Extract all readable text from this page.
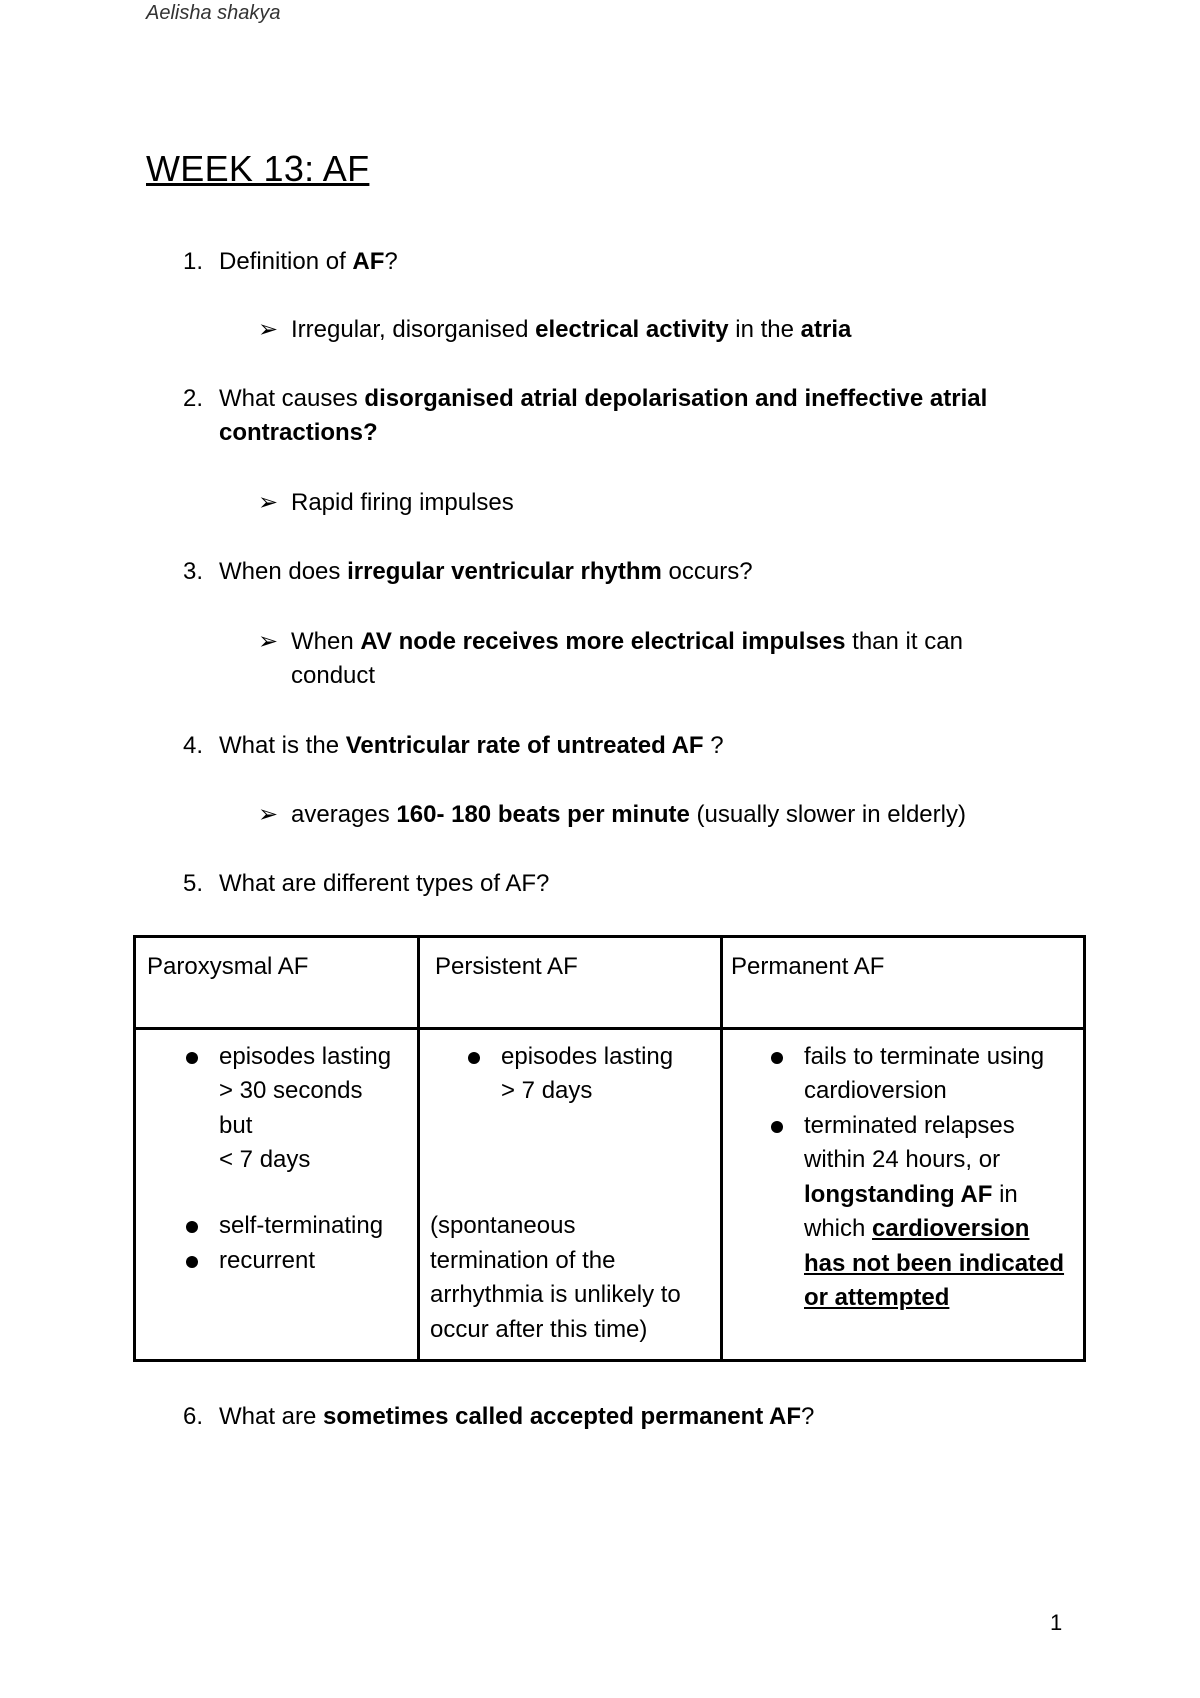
Aelisha shakya
WEEK 13: AF
1. Definition of AF?
➢ Irregular, disorganised electrical activity in the atria
2. What causes disorganised atrial depolarisation and ineffective atrial
contractions?
➢ Rapid firing impulses
3. When does irregular ventricular rhythm occurs?
➢ When AV node receives more electrical impulses than it can
conduct
4. What is the Ventricular rate of untreated AF ?
➢ averages 160- 180 beats per minute (usually slower in elderly)
5. What are different types of AF?
Paroxysmal AF	Persistent AF	Permanent AF
episodes lasting
> 30 seconds
but
< 7 days
self-terminating
recurrent
episodes lasting
> 7 days
(spontaneous
termination of the
arrhythmia is unlikely to
occur after this time)
fails to terminate using
cardioversion
terminated relapses
within 24 hours, or
longstanding AF in
which cardioversion
has not been indicated
or attempted
6. What are sometimes called accepted permanent AF?
1
